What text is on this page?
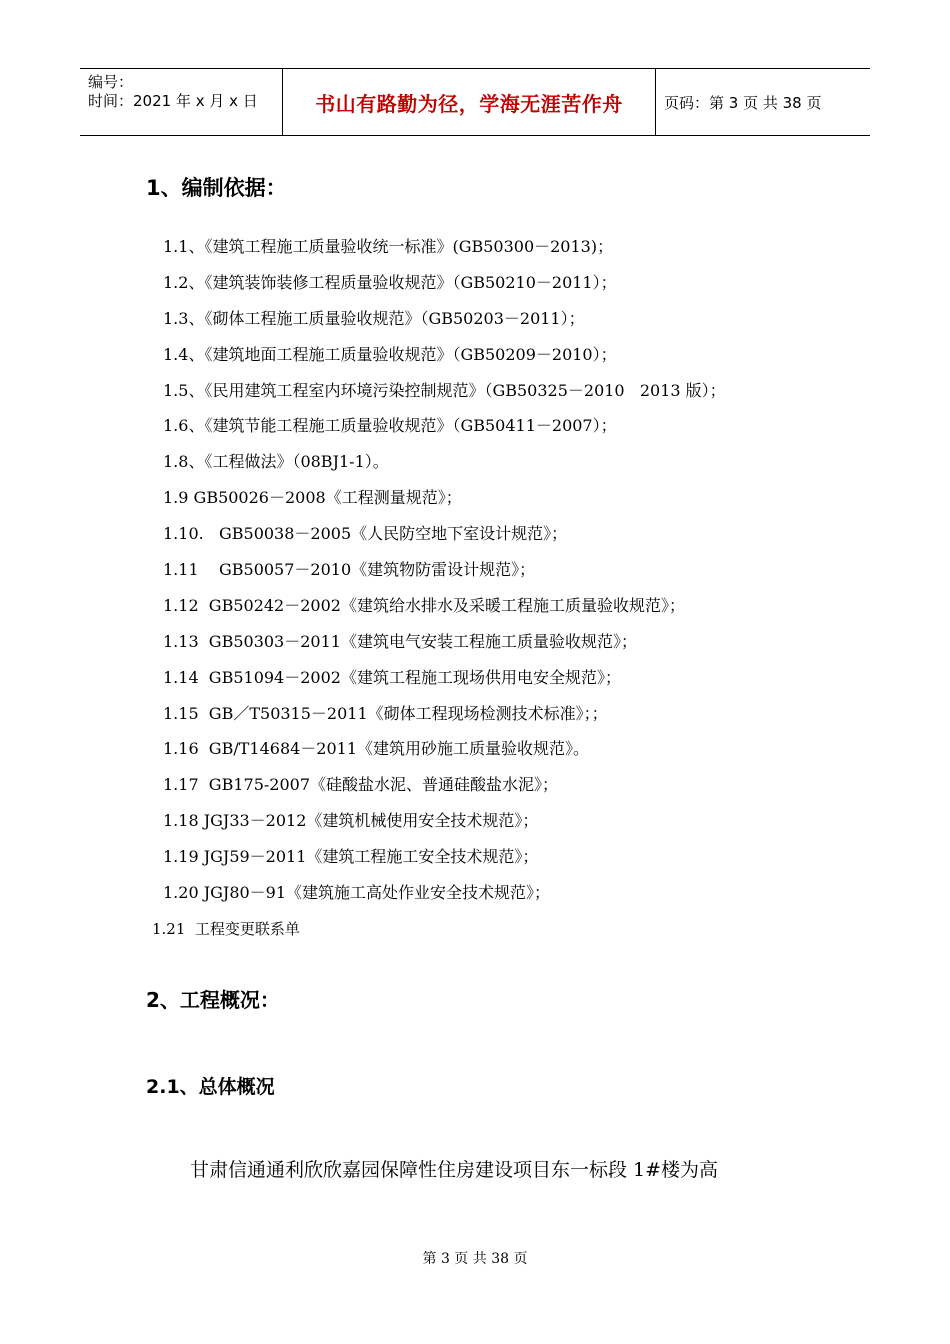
编号：
时间：2021 年 x 月 x 日	书山有路勤为径，学海无涯苦作舟	页码：第 3 页 共 38 页
1、编制依据：
1.1、《建筑工程施工质量验收统一标准》(GB50300－2013)；
1.2、《建筑装饰装修工程质量验收规范》（GB50210－2011）；
1.3、《砌体工程施工质量验收规范》（GB50203－2011）；
1.4、《建筑地面工程施工质量验收规范》（GB50209－2010）；
1.5、《民用建筑工程室内环境污染控制规范》（GB50325－2010   2013 版）；
1.6、《建筑节能工程施工质量验收规范》（GB50411－2007）；
1.8、《工程做法》（08BJ1-1）。
1.9 GB50026－2008《工程测量规范》；
1.10.   GB50038－2005《人民防空地下室设计规范》；
1.11    GB50057－2010《建筑物防雷设计规范》；
1.12  GB50242－2002《建筑给水排水及采暖工程施工质量验收规范》；
1.13  GB50303－2011《建筑电气安装工程施工质量验收规范》；
1.14  GB51094－2002《建筑工程施工现场供用电安全规范》；
1.15  GB／T50315－2011《砌体工程现场检测技术标准》；；
1.16  GB/T14684－2011《建筑用砂施工质量验收规范》。
1.17  GB175-2007《硅酸盐水泥、普通硅酸盐水泥》；
1.18 JGJ33－2012《建筑机械使用安全技术规范》；
1.19 JGJ59－2011《建筑工程施工安全技术规范》；
1.20 JGJ80－91《建筑施工高处作业安全技术规范》；
1.21  工程变更联系单
2、工程概况：
2.1、总体概况
甘肃信通通利欣欣嘉园保障性住房建设项目东一标段 1#楼为高
第 3 页 共 38 页
